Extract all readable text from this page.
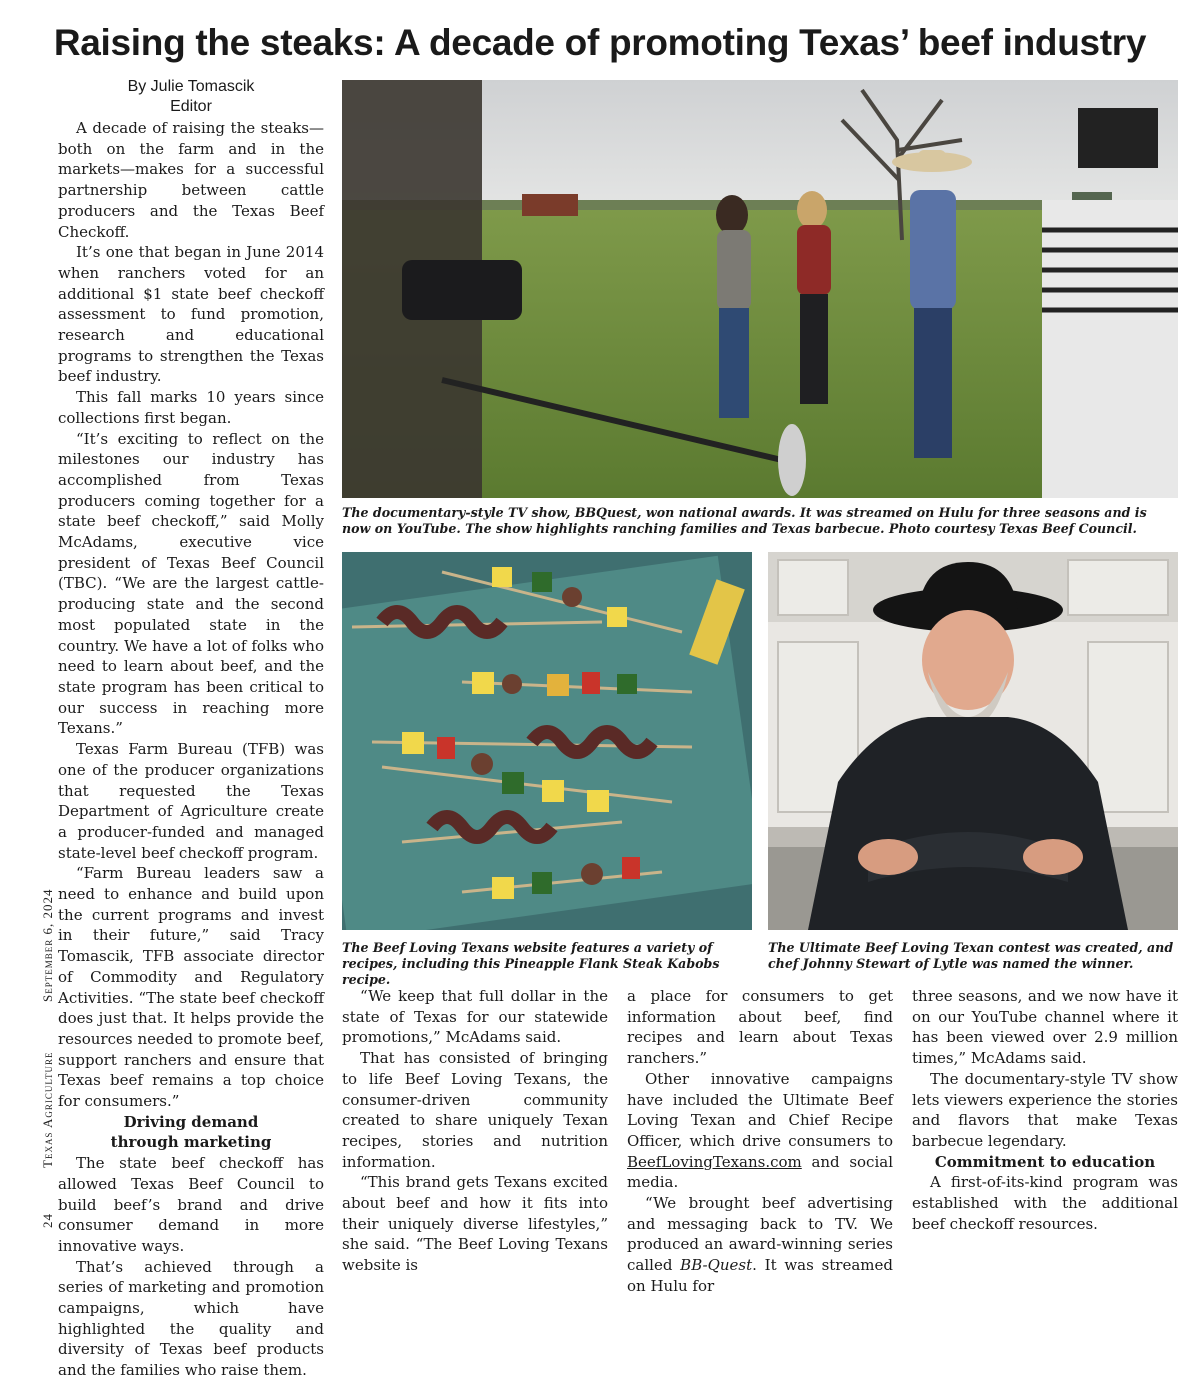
Raising the steaks: A decade of promoting Texas’ beef industry
By Julie Tomascik
Editor
September 6, 2024
Texas Agriculture
24

A decade of raising the steaks—both on the farm and in the markets—makes for a successful partnership between cattle producers and the Texas Beef Checkoff.

It’s one that began in June 2014 when ranchers voted for an additional $1 state beef checkoff assessment to fund promotion, research and educational programs to strengthen the Texas beef industry.

This fall marks 10 years since collections first began.

“It’s exciting to reflect on the milestones our industry has accomplished from Texas producers coming together for a state beef checkoff,” said Molly McAdams, executive vice president of Texas Beef Council (TBC). “We are the largest cattle-producing state and the second most populated state in the country. We have a lot of folks who need to learn about beef, and the state program has been critical to our success in reaching more Texans.”

Texas Farm Bureau (TFB) was one of the producer organizations that requested the Texas Department of Agriculture create a producer-funded and managed state-level beef checkoff program.

“Farm Bureau leaders saw a need to enhance and build upon the current programs and invest in their future,” said Tracy Tomascik, TFB associate director of Commodity and Regulatory Activities. “The state beef checkoff does just that. It helps provide the resources needed to promote beef, support ranchers and ensure that Texas beef remains a top choice for consumers.”

Driving demand through marketing

The state beef checkoff has allowed Texas Beef Council to build beef’s brand and drive consumer demand in more innovative ways.

That’s achieved through a series of marketing and promotion campaigns, which have highlighted the quality and diversity of Texas beef products and the families who raise them.

The documentary-style TV show, BBQuest, won national awards. It was streamed on Hulu for three seasons and is now on YouTube. The show highlights ranching families and Texas barbecue. Photo courtesy Texas Beef Council.
The Beef Loving Texans website features a variety of recipes, including this Pineapple Flank Steak Kabobs recipe.
The Ultimate Beef Loving Texan contest was created, and chef Johnny Stewart of Lytle was named the winner.

“We keep that full dollar in the state of Texas for our statewide promotions,” McAdams said.

That has consisted of bringing to life Beef Loving Texans, the consumer-driven community created to share uniquely Texan recipes, stories and nutrition information.

“This brand gets Texans excited about beef and how it fits into their uniquely diverse lifestyles,” she said. “The Beef Loving Texans website is

a place for consumers to get information about beef, find recipes and learn about Texas ranchers.”

Other innovative campaigns have included the Ultimate Beef Loving Texan and Chief Recipe Officer, which drive consumers to BeefLovingTexans.com and social media.

“We brought beef advertising and messaging back to TV. We produced an award-winning series called BB-Quest. It was streamed on Hulu for

three seasons, and we now have it on our YouTube channel where it has been viewed over 2.9 million times,” McAdams said.

The documentary-style TV show lets viewers experience the stories and flavors that make Texas barbecue legendary.

Commitment to education

A first-of-its-kind program was established with the additional beef checkoff resources.
